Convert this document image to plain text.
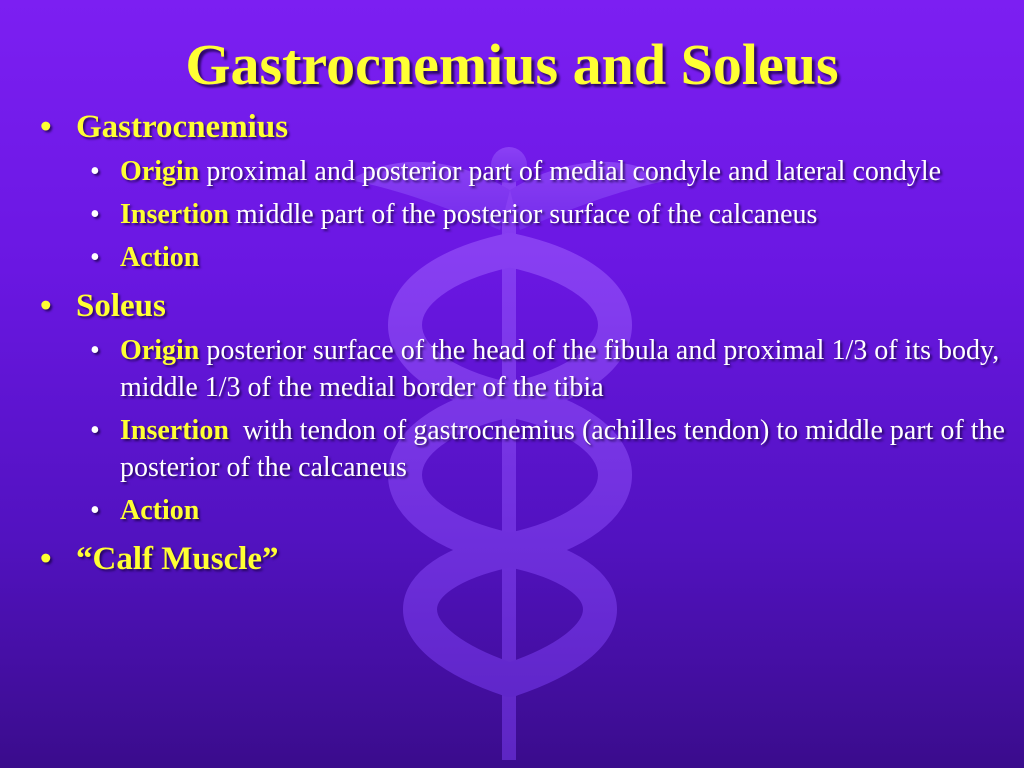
Gastrocnemius and Soleus
• Gastrocnemius
• Origin proximal and posterior part of medial condyle and lateral condyle
• Insertion middle part of the posterior surface of the calcaneus
• Action
• Soleus
• Origin posterior surface of the head of the fibula and proximal 1/3 of its body, middle 1/3 of the medial border of the tibia
• Insertion  with tendon of gastrocnemius (achilles tendon) to middle part of the posterior of the calcaneus
• Action
• “Calf Muscle”
